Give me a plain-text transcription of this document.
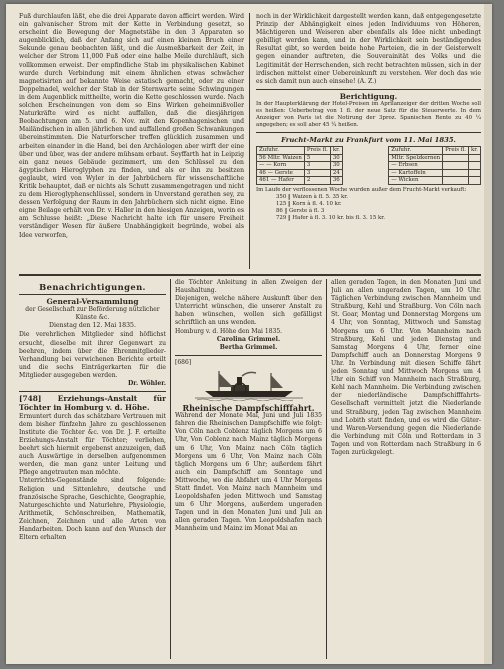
Fuß durchlaufen läßt, ehe die drei Apparate davon afficirt werden. Wird ein galvanischer Strom mit der Kette in Verbindung gesetzt, so erscheint die Bewegung der Magnetstäbe in den 3 Apparaten so augenblicklich, daß der Anfang sich auf einen kleinen Bruch einer Sekunde genau beobachten läßt, und die Ausmeßbarkeit der Zeit, in welcher der Strom 11,000 Fuß oder eine halbe Meile durchläuft, sich vollkommen erweist. Der empfindliche Stab im physikalischen Kabinet wurde durch Verbindung mit einem ähnlichen etwas schwächer magnetisirten auf bekannte Weise astatisch gemacht, oder zu einer Doppelnadel, welcher der Stab in der Sternwarte seine Schwingungen in dem Augenblick mittheilte, worin die Kette geschlossen wurde. Nach solchen Erscheinungen von dem so Eins Wirken geheimnißvoller Naturkräfte wird es nicht auffallen, daß die diesjährigen Beobachtungen am 5. und 6. Nov. mit den Kopenhagenischen und Mailändischen in allen jährlichen und auffallend großen Schwankungen übereinstimmten. Die Naturforscher treffen glücklich zusammen und arbeiten einander in die Hand, bei den Archäologen aber wirft der eine über und über, was der andere mühsam erbaut. Seyffarth hat in Leipzig ein ganz neues Gebäude gezimmert, um den Schlüssel zu den ägyptischen Hieroglyphen zu finden, und als er ihn zu besitzen geglaubt, wird von Wyler in der Jahrbüchern für wissenschaftliche Kritik behauptet, daß er nichts als Schutt zusammengetragen und nicht zu dem Hieroglyphenschlüssel, sondern in Unverstand gerathen sey, zu dessen Verfolgung der Raum in den Jahrbüchern sich nicht eigne. Eine eigne Beilage erhält von Dr. v. Haller in den hiesigen Anzeigen, worin es am Schlusse heißt: „Diese Nachricht halte ich für unsere Freiheit verständiger Wesen für äußere Unabhängigkeit begründe, wobei als Idee verworfen,

noch in der Wirklichkeit dargestellt werden kann, daß entgegengesetzte Prinzip der Abhängigkeit eines jeden Individuums von Höheren, Mächtigeren und Weiseren aber ebenfalls als Idee nicht unbedingt gebilligt werden kann, und in der Wirklichkeit sein beständigendes Resultat gibt, so werden beide hohe Parteien, die in der Geisterwelt gegen einander auftreten, die Souverainität des Volks und die Legitimität der Herrschenden, sich recht betrachten müssen, sich in der irdischen mittelst einer Uebereinkunft zu verstehen. Wer doch das wie es sich damit nun auch einsehe! (A. Z.)

Berichtigung.

In der Haupterklärung der Hotel-Preisen im Aprilanzeiger der dritten Woche soll es heißen: Ueberbetrag von 1 fl. der neue Satz für die Steuerwerte. In dem Anzeiger von Paris ist die Notirung der 3proz. Spanischen Rente zu 40 ¼ angegeben; es soll aber 45 ¼ heißen.

Frucht-Markt zu Frankfurt vom 11. Mai 1835.
Zufuhr.	Preis fl.	kr.
56 Mltr. Waizen	5	30
— — Korn	3	30
46 — Gerste	3	24
461 — Hafer	2	36
Zufuhr.	Preis fl.	kr.
Mltr. Spelzkernen		
— Erbsen		
— Kartoffeln		
— Wicken		

Im Laufe der verflossenen Woche wurden außer dem Frucht-Markt verkauft:

350 ‖ Waizen à fl. 5. 35 kr.
125 ‖ Korn à fl. 4. 10 kr.
86 ‖ Gerste à fl. 3
729 ‖ Hafer à fl. 3. 10 kr. bis fl. 3. 15 kr.
Benachrichtigungen.
General-Versammlung
der Gesellschaft zur Beförderung nützlicher Künste &c.
Dienstag den 12. Mai 1835.

Die verehrlichen Mitglieder sind höflichst ersucht, dieselbe mit ihrer Gegenwart zu beehren, indem über die Ehrenmitglieder-Verhandlung bei verwichenen Berichte erteilt und die sechs Einträgerkarten für die Mitglieder ausgegeben werden.

Dr. Wöhler.
[748] Erziehungs-Anstalt für Töchter in Homburg v. d. Höhe.

Ermuntert durch das schätzbare Vertrauen mit dem bisher fünfzehn Jahre zu geschlossenen Institute die Töchter &c. von Dr. J. F. erteilte Erziehungs-Anstalt für Töchter; verliehen, beehrt sich hiermit ergebenst anzuzeigen, daß auch Auswärtige in derselben aufgenommen werden, die man ganz unter Leitung und Pflege angetrauten man möchte.

Unterrichts-Gegenstände sind folgende: Religion und Sittenlehre, deutsche und französische Sprache, Geschichte, Geographie, Naturgeschichte und Naturlehre, Physiologie, Arithmetik, Schönschreiben, Mathematik, Zeichnen, Zeichnen und alle Arten von Handarbeiten. Doch kann auf den Wunsch der Eltern erhalten

die Töchter Anleitung in allen Zweigen der Haushaltung.

Diejenigen, welche nähere Auskunft über den Unterricht wünschen, die unserer Anstalt zu haben wünschen, wollen sich gefälligst schriftlich an uns wenden.

Homburg v. d. Höhe den Mai 1835.
Carolina Grimmel.
Bertha Grimmel.
[686]
Rheinische Dampfschifffahrt.

Während der Monate Mai, Juni und Juli 1835 fahren die Rheinischen Dampfschiffe wie folgt: Von Cöln nach Coblenz täglich Morgens um 6 Uhr, Von Coblenz nach Mainz täglich Morgens um 6 Uhr, Von Mainz nach Cöln täglich Morgens um 6 Uhr, Von Mainz nach Cöln täglich Morgens um 6 Uhr; außerdem fährt auch ein Dampfschiff am Sonntage und Mittwoche, wo die Abfahrt um 4 Uhr Morgens Statt findet. Von Mainz nach Mannheim und Leopoldshafen jeden Mittwoch und Samstag um 6 Uhr Morgens, außerdem ungeraden Tagen und in den Monaten Juni und Juli an allen geraden Tagen. Von Leopoldshafen nach Mannheim und Mainz im Monat Mai an

allen geraden Tagen, in den Monaten Juni und Juli an allen ungeraden Tagen, um 10 Uhr. Täglichen Verbindung zwischen Mannheim und Straßburg, Kehl und Straßburg. Von Cöln nach St. Goar, Montag und Donnerstag Morgens um 4 Uhr, von Sonntag, Mittwoch und Samstag Morgens um 6 Uhr. Von Mannheim nach Straßburg, Kehl und jeden Dienstag und Samstag Morgens 4 Uhr, ferner eine Dampfschiff auch an Donnerstag Morgens 9 Uhr. In Verbindung mit diesen Schiffe fährt jeden Sonntag und Mittwoch Morgens um 4 Uhr ein Schiff von Mannheim nach Straßburg, Kehl nach Mannheim. Die Verbindung zwischen der niederländische Dampfschifffahrts-Gesellschaft vermittelt jetzt die Niederlande und Straßburg, jeden Tag zwischen Mannheim und Lobith statt finden, und es wird die Güter- und Waren-Versendung gegen die Niederlande die Verbindung mit Cöln und Rotterdam in 3 Tagen und von Rotterdam nach Straßburg in 6 Tagen zurückgelegt.
